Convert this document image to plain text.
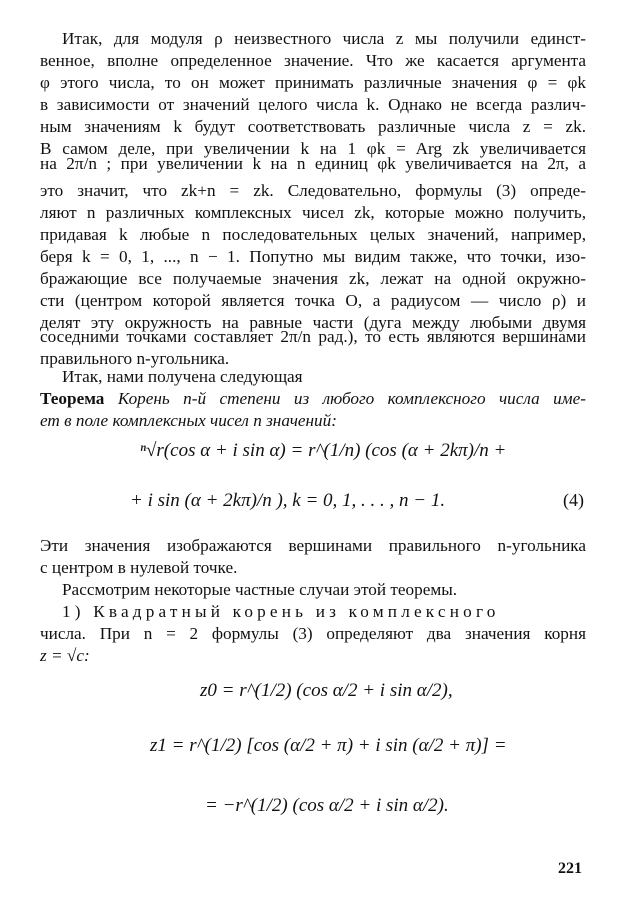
Итак, для модуля ρ неизвестного числа z мы получили единст-
венное, вполне определенное значение. Что же касается аргумента
φ этого числа, то он может принимать различные значения φ = φk
в зависимости от значений целого числа k. Однако не всегда различ-
ным значениям k будут соответствовать различные числа z = zk.
В самом деле, при увеличении k на 1 φk = Arg zk увеличивается
на 2π/n ; при увеличении k на n единиц φk увеличивается на 2π, а
это значит, что zk+n = zk. Следовательно, формулы (3) опреде-
ляют n различных комплексных чисел zk, которые можно получить,
придавая k любые n последовательных целых значений, например,
беря k = 0, 1, ..., n − 1. Попутно мы видим также, что точки, изо-
бражающие все получаемые значения zk, лежат на одной окружно-
сти (центром которой является точка O, а радиусом — число ρ) и
делят эту окружность на равные части (дуга между любыми двумя
соседними точками составляет 2π/n рад.), то есть являются вершинами
правильного n-угольника.
Итак, нами получена следующая
Теорема Корень n-й степени из любого комплексного числа име-
ет в поле комплексных чисел n значений:
ⁿ√r(cos α + i sin α) = r^(1/n) (cos (α + 2kπ)/n +
+ i sin (α + 2kπ)/n ), k = 0, 1, . . . , n − 1.	(4)
Эти значения изображаются вершинами правильного n-угольника
с центром в нулевой точке.
Рассмотрим некоторые частные случаи этой теоремы.
1) Квадратный корень из комплексного
числа. При n = 2 формулы (3) определяют два значения корня
z = √c:
z0 = r^(1/2) (cos α/2 + i sin α/2),
z1 = r^(1/2) [cos (α/2 + π) + i sin (α/2 + π)] =
= −r^(1/2) (cos α/2 + i sin α/2).
221
